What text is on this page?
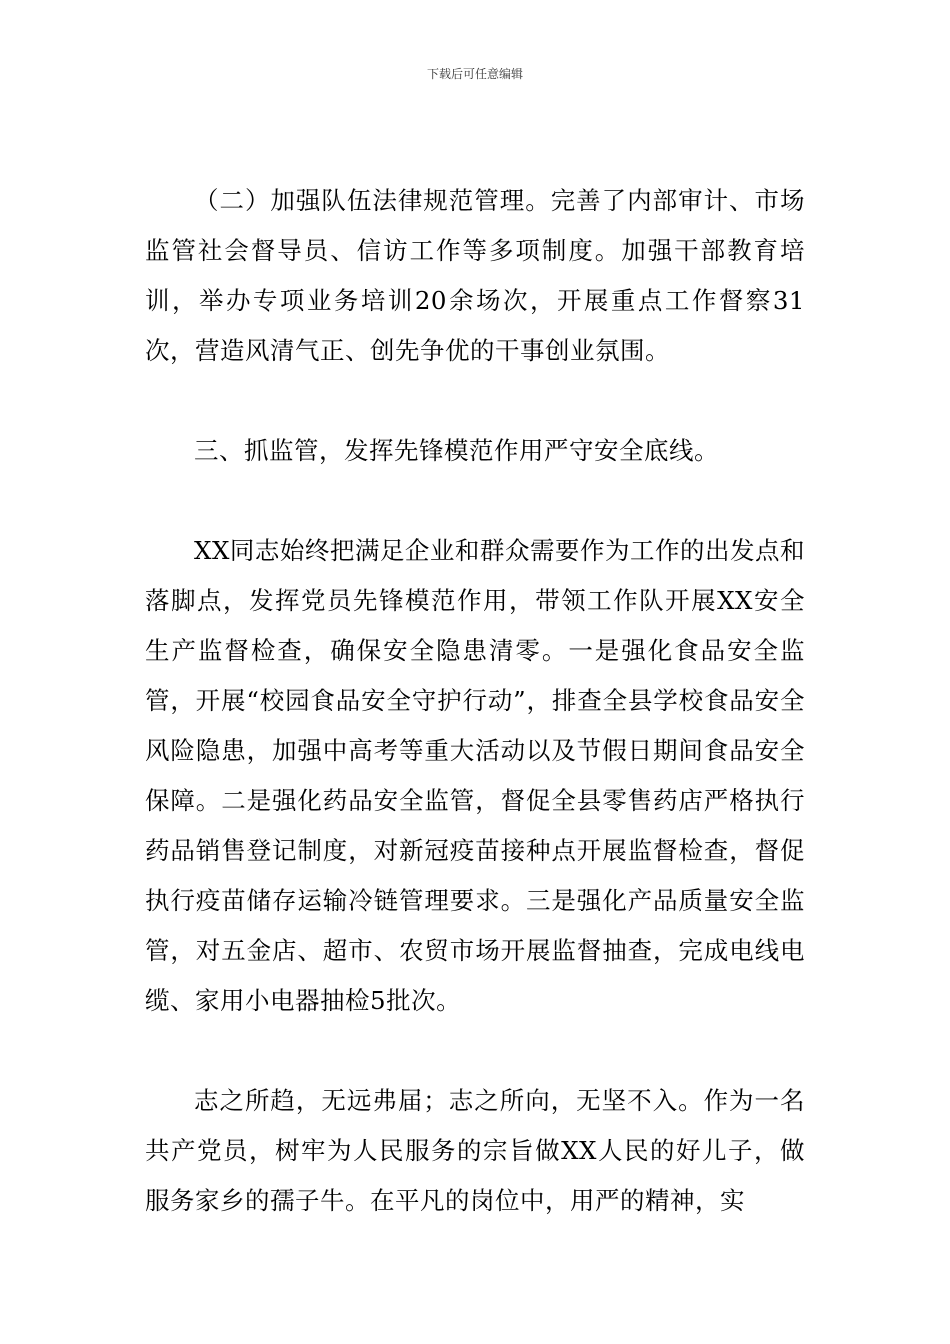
下载后可任意编辑

（二）加强队伍法律规范管理。完善了内部审计、市场监管社会督导员、信访工作等多项制度。加强干部教育培训，举办专项业务培训20余场次，开展重点工作督察31次，营造风清气正、创先争优的干事创业氛围。

三、抓监管，发挥先锋模范作用严守安全底线。

XX同志始终把满足企业和群众需要作为工作的出发点和落脚点，发挥党员先锋模范作用，带领工作队开展XX安全生产监督检查，确保安全隐患清零。一是强化食品安全监管，开展“校园食品安全守护行动”，排查全县学校食品安全风险隐患，加强中高考等重大活动以及节假日期间食品安全保障。二是强化药品安全监管，督促全县零售药店严格执行药品销售登记制度，对新冠疫苗接种点开展监督检查，督促执行疫苗储存运输冷链管理要求。三是强化产品质量安全监管，对五金店、超市、农贸市场开展监督抽查，完成电线电缆、家用小电器抽检5批次。

志之所趋，无远弗届；志之所向，无坚不入。作为一名共产党员，树牢为人民服务的宗旨做XX人民的好儿子，做服务家乡的孺子牛。在平凡的岗位中，用严的精神，实
